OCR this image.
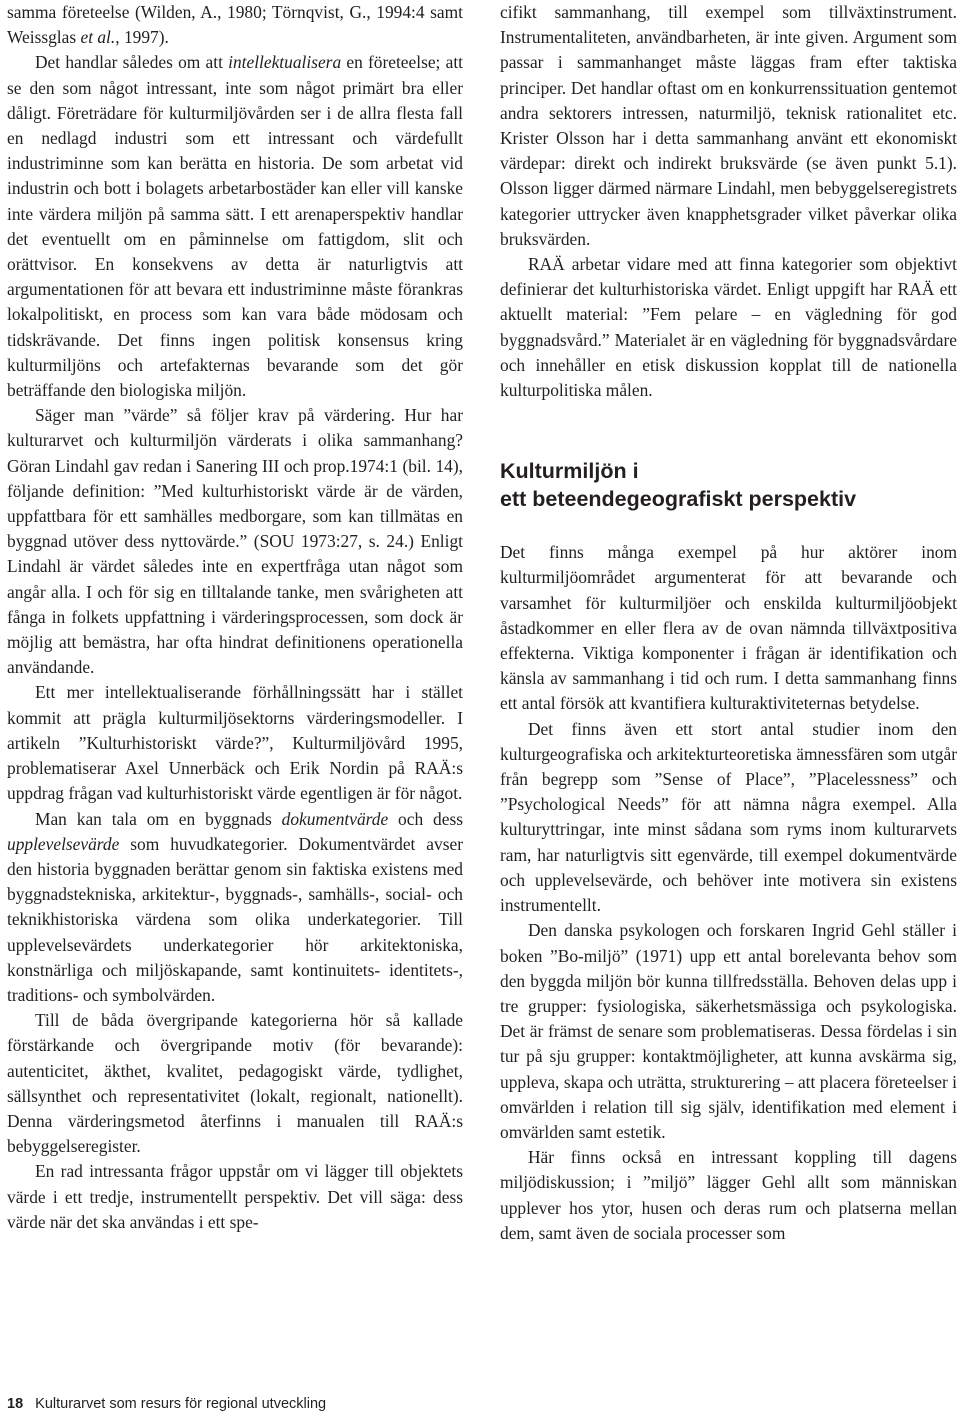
samma företeelse (Wilden, A., 1980; Törnqvist, G., 1994:4 samt Weissglas et al., 1997).

Det handlar således om att intellektualisera en företeelse; att se den som något intressant, inte som något primärt bra eller dåligt. Företrädare för kulturmiljövården ser i de allra flesta fall en nedlagd industri som ett intressant och värdefullt industriminne som kan berätta en historia. De som arbetat vid industrin och bott i bolagets arbetarbostäder kan eller vill kanske inte värdera miljön på samma sätt. I ett arenaperspektiv handlar det eventuellt om en påminnelse om fattigdom, slit och orättvisor. En konsekvens av detta är naturligtvis att argumentationen för att bevara ett industriminne måste förankras lokalpolitiskt, en process som kan vara både mödosam och tidskrävande. Det finns ingen politisk konsensus kring kulturmiljöns och artefakternas bevarande som det gör beträffande den biologiska miljön.

Säger man ”värde” så följer krav på värdering. Hur har kulturarvet och kulturmiljön värderats i olika sammanhang? Göran Lindahl gav redan i Sanering III och prop.1974:1 (bil. 14), följande definition: ”Med kulturhistoriskt värde är de värden, uppfattbara för ett samhälles medborgare, som kan tillmätas en byggnad utöver dess nyttovärde.” (SOU 1973:27, s. 24.) Enligt Lindahl är värdet således inte en expertfråga utan något som angår alla. I och för sig en tilltalande tanke, men svårigheten att fånga in folkets uppfattning i värderingsprocessen, som dock är möjlig att bemästra, har ofta hindrat definitionens operationella användande.

Ett mer intellektualiserande förhållningssätt har i stället kommit att prägla kulturmiljösektorns värderingsmodeller. I artikeln ”Kulturhistoriskt värde?”, Kulturmiljövård 1995, problematiserar Axel Unnerbäck och Erik Nordin på RAÄ:s uppdrag frågan vad kulturhistoriskt värde egentligen är för något.

Man kan tala om en byggnads dokumentvärde och dess upplevelsevärde som huvudkategorier. Dokumentvärdet avser den historia byggnaden berättar genom sin faktiska existens med byggnadstekniska, arkitektur-, byggnads-, samhälls-, social- och teknikhistoriska värdena som olika underkategorier. Till upplevelsevärdets underkategorier hör arkitektoniska, konstnärliga och miljöskapande, samt kontinuitets- identitets-, traditions- och symbolvärden.

Till de båda övergripande kategorierna hör så kallade förstärkande och övergripande motiv (för bevarande): autenticitet, äkthet, kvalitet, pedagogiskt värde, tydlighet, sällsynthet och representativitet (lokalt, regionalt, nationellt). Denna värderingsmetod återfinns i manualen till RAÄ:s bebyggelseregister.

En rad intressanta frågor uppstår om vi lägger till objektets värde i ett tredje, instrumentellt perspektiv. Det vill säga: dess värde när det ska användas i ett spe-

cifikt sammanhang, till exempel som tillväxtinstrument. Instrumentaliteten, användbarheten, är inte given. Argument som passar i sammanhanget måste läggas fram efter taktiska principer. Det handlar oftast om en konkurrenssituation gentemot andra sektorers intressen, naturmiljö, teknisk rationalitet etc. Krister Olsson har i detta sammanhang använt ett ekonomiskt värdepar: direkt och indirekt bruksvärde (se även punkt 5.1). Olsson ligger därmed närmare Lindahl, men bebyggelseregistrets kategorier uttrycker även knapphetsgrader vilket påverkar olika bruksvärden.

RAÄ arbetar vidare med att finna kategorier som objektivt definierar det kulturhistoriska värdet. Enligt uppgift har RAÄ ett aktuellt material: ”Fem pelare – en vägledning för god byggnadsvård.” Materialet är en vägledning för byggnadsvårdare och innehåller en etisk diskussion kopplat till de nationella kulturpolitiska målen.

Kulturmiljön i
ett beteendegeografiskt perspektiv

Det finns många exempel på hur aktörer inom kulturmiljöområdet argumenterat för att bevarande och varsamhet för kulturmiljöer och enskilda kulturmiljöobjekt åstadkommer en eller flera av de ovan nämnda tillväxtpositiva effekterna. Viktiga komponenter i frågan är identifikation och känsla av sammanhang i tid och rum. I detta sammanhang finns ett antal försök att kvantifiera kulturaktiviteternas betydelse.

Det finns även ett stort antal studier inom den kulturgeografiska och arkitekturteoretiska ämnessfären som utgår från begrepp som ”Sense of Place”, ”Placelessness” och ”Psychological Needs” för att nämna några exempel. Alla kulturyttringar, inte minst sådana som ryms inom kulturarvets ram, har naturligtvis sitt egenvärde, till exempel dokumentvärde och upplevelsevärde, och behöver inte motivera sin existens instrumentellt.

Den danska psykologen och forskaren Ingrid Gehl ställer i boken ”Bo-miljö” (1971) upp ett antal borelevanta behov som den byggda miljön bör kunna tillfredsställa. Behoven delas upp i tre grupper: fysiologiska, säkerhetsmässiga och psykologiska. Det är främst de senare som problematiseras. Dessa fördelas i sin tur på sju grupper: kontaktmöjligheter, att kunna avskärma sig, uppleva, skapa och uträtta, strukturering – att placera företeelser i omvärlden i relation till sig själv, identifikation med element i omvärlden samt estetik.

Här finns också en intressant koppling till dagens miljödiskussion; i ”miljö” lägger Gehl allt som människan upplever hos ytor, husen och deras rum och platserna mellan dem, samt även de sociala processer som

18 Kulturarvet som resurs för regional utveckling
